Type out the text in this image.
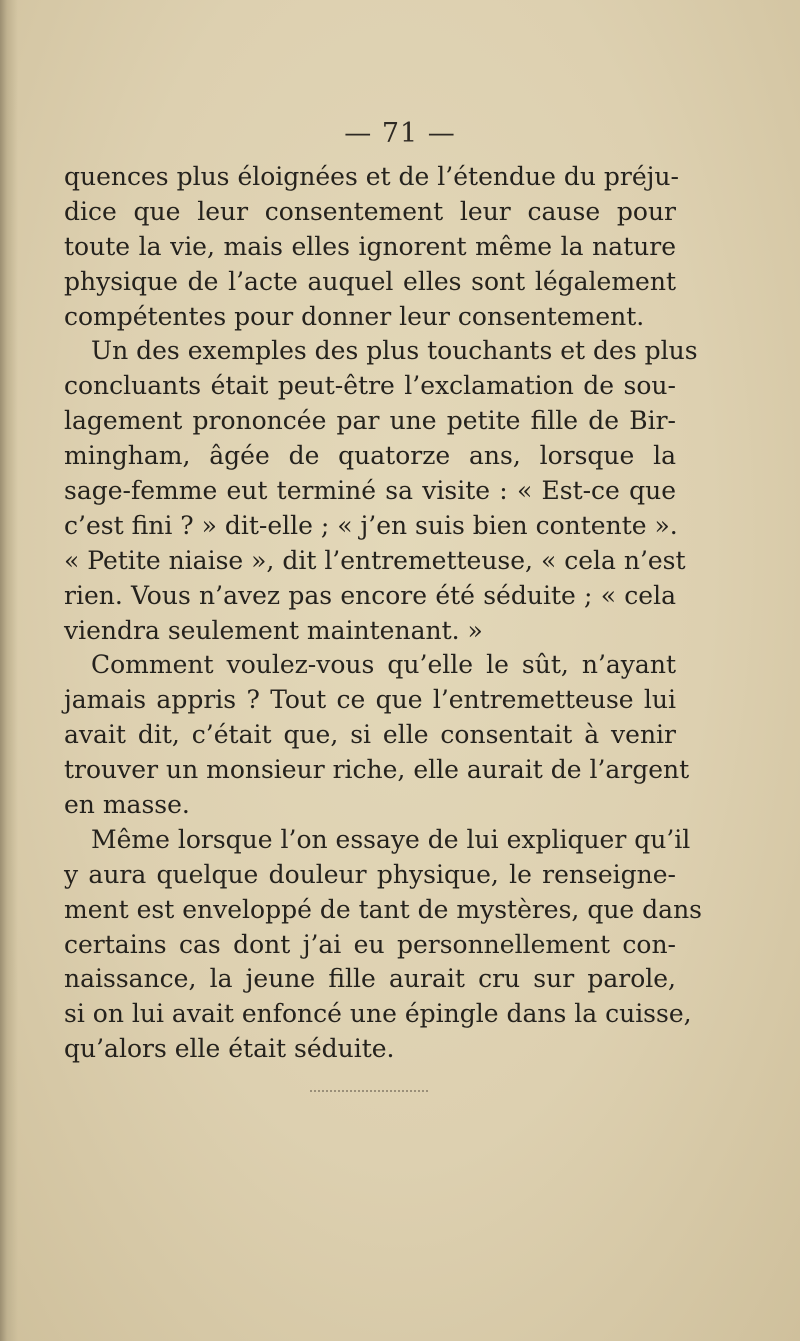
— 71 —
quences plus éloignées et de l’étendue du préju-
dice que leur consentement leur cause pour
toute la vie, mais elles ignorent même la nature
physique de l’acte auquel elles sont légalement
compétentes pour donner leur consentement.
Un des exemples des plus touchants et des plus
concluants était peut-être l’exclamation de sou-
lagement prononcée par une petite fille de Bir-
mingham, âgée de quatorze ans, lorsque la
sage-femme eut terminé sa visite : « Est-ce que
c’est fini ? » dit-elle ; « j’en suis bien contente ».
« Petite niaise », dit l’entremetteuse, « cela n’est
rien. Vous n’avez pas encore été séduite ; « cela
viendra seulement maintenant. »
Comment voulez-vous qu’elle le sût, n’ayant
jamais appris ? Tout ce que l’entremetteuse lui
avait dit, c’était que, si elle consentait à venir
trouver un monsieur riche, elle aurait de l’argent
en masse.
Même lorsque l’on essaye de lui expliquer qu’il
y aura quelque douleur physique, le renseigne-
ment est enveloppé de tant de mystères, que dans
certains cas dont j’ai eu personnellement con-
naissance, la jeune fille aurait cru sur parole,
si on lui avait enfoncé une épingle dans la cuisse,
qu’alors elle était séduite.
